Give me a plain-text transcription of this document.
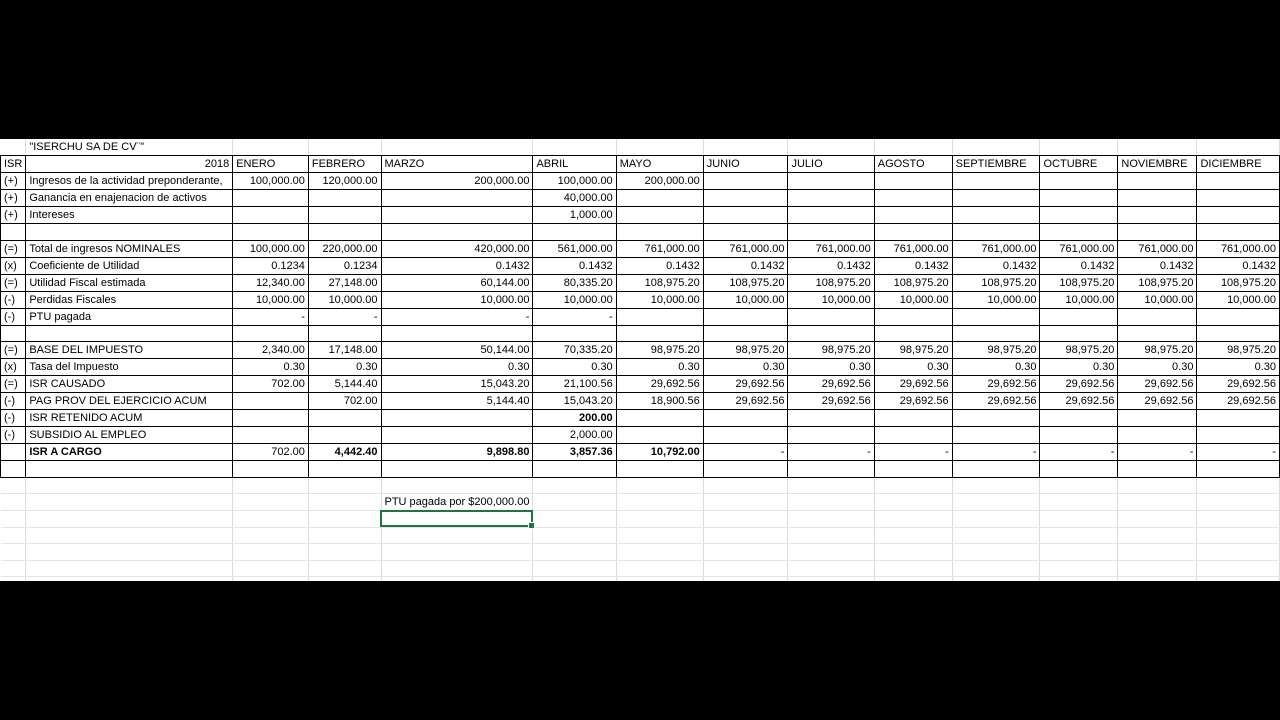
	"ISERCHU SA DE CV¨"												
ISR	2018	ENERO	FEBRERO	MARZO	ABRIL	MAYO	JUNIO	JULIO	AGOSTO	SEPTIEMBRE	OCTUBRE	NOVIEMBRE	DICIEMBRE
(+)	Ingresos de la actividad preponderante,	100,000.00	120,000.00	200,000.00	100,000.00	200,000.00							
(+)	Ganancia en enajenacion de activos				40,000.00								
(+)	Intereses				1,000.00								

(=)	Total de ingresos NOMINALES	100,000.00	220,000.00	420,000.00	561,000.00	761,000.00	761,000.00	761,000.00	761,000.00	761,000.00	761,000.00	761,000.00	761,000.00
(x)	Coeficiente de Utilidad	0.1234	0.1234	0.1432	0.1432	0.1432	0.1432	0.1432	0.1432	0.1432	0.1432	0.1432	0.1432
(=)	Utilidad Fiscal estimada	12,340.00	27,148.00	60,144.00	80,335.20	108,975.20	108,975.20	108,975.20	108,975.20	108,975.20	108,975.20	108,975.20	108,975.20
(-)	Perdidas Fiscales	10,000.00	10,000.00	10,000.00	10,000.00	10,000.00	10,000.00	10,000.00	10,000.00	10,000.00	10,000.00	10,000.00	10,000.00
(-)	PTU pagada	-	-	-	-								

(=)	BASE DEL IMPUESTO	2,340.00	17,148.00	50,144.00	70,335.20	98,975.20	98,975.20	98,975.20	98,975.20	98,975.20	98,975.20	98,975.20	98,975.20
(x)	Tasa del Impuesto	0.30	0.30	0.30	0.30	0.30	0.30	0.30	0.30	0.30	0.30	0.30	0.30
(=)	ISR CAUSADO	702.00	5,144.40	15,043.20	21,100.56	29,692.56	29,692.56	29,692.56	29,692.56	29,692.56	29,692.56	29,692.56	29,692.56
(-)	PAG PROV DEL EJERCICIO ACUM		702.00	5,144.40	15,043.20	18,900.56	29,692.56	29,692.56	29,692.56	29,692.56	29,692.56	29,692.56	29,692.56
(-)	ISR RETENIDO ACUM				200.00								
(-)	SUBSIDIO AL EMPLEO				2,000.00								
	ISR A CARGO	702.00	4,442.40	9,898.80	3,857.36	10,792.00	-	-	-	-	-	-	-

				PTU pagada por $200,000.00									
